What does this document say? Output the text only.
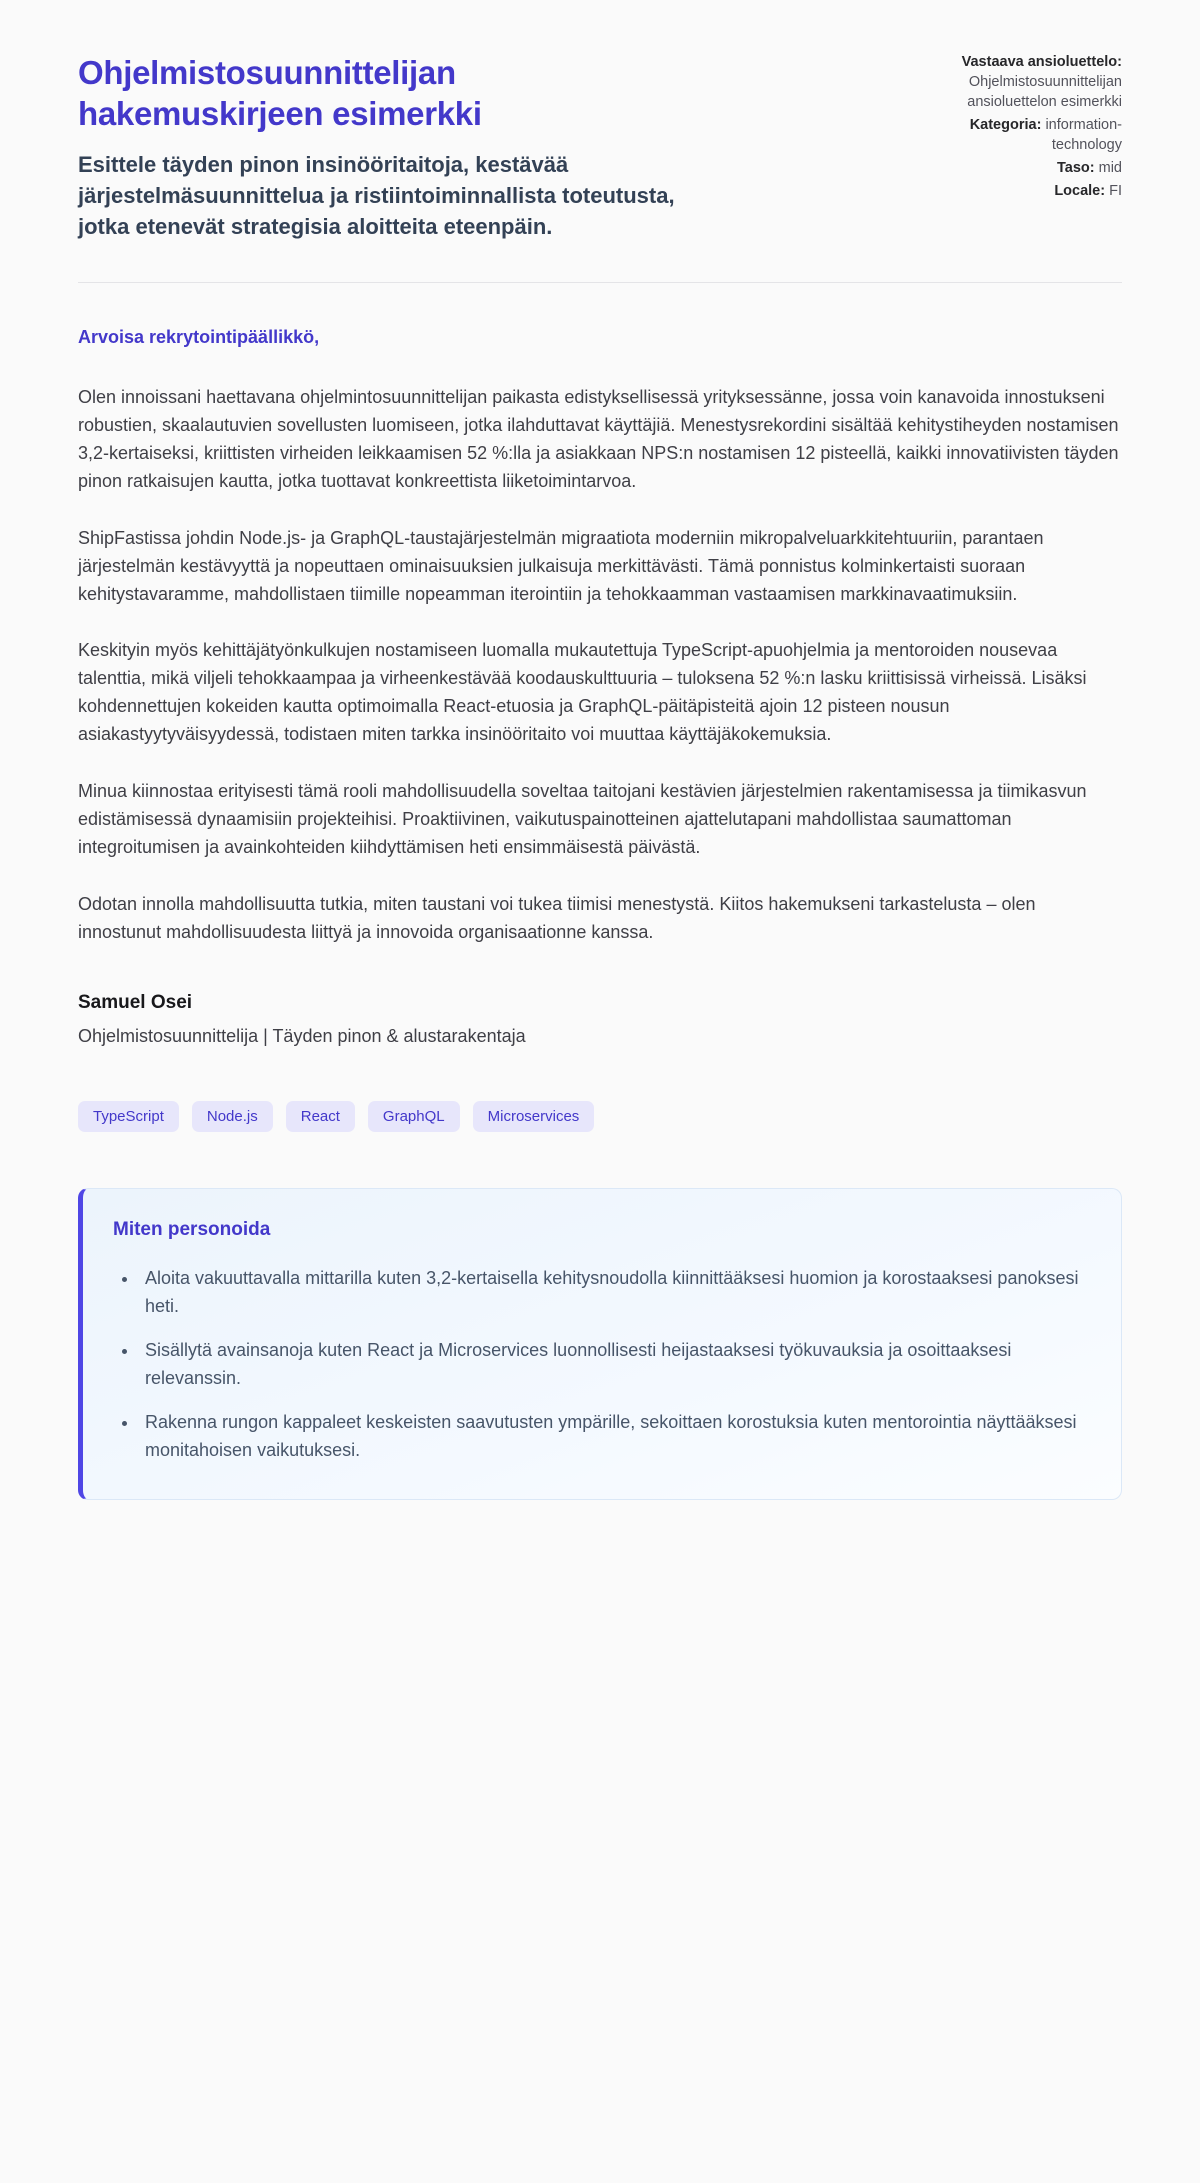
Ohjelmistosuunnittelijan hakemuskirjeen esimerkki

Esittele täyden pinon insinööritaitoja, kestävää järjestelmäsuunnittelua ja ristiintoiminnallista toteutusta, jotka etenevät strategisia aloitteita eteenpäin.

Vastaava ansioluettelo: Ohjelmistosuunnittelijan ansioluettelon esimerkki
Kategoria: information-technology
Taso: mid
Locale: FI

Arvoisa rekrytointipäällikkö,

Olen innoissani haettavana ohjelmintosuunnittelijan paikasta edistyksellisessä yrityksessänne, jossa voin kanavoida innostukseni robustien, skaalautuvien sovellusten luomiseen, jotka ilahduttavat käyttäjiä. Menestysrekordini sisältää kehitystiheyden nostamisen 3,2-kertaiseksi, kriittisten virheiden leikkaamisen 52 %:lla ja asiakkaan NPS:n nostamisen 12 pisteellä, kaikki innovatiivisten täyden pinon ratkaisujen kautta, jotka tuottavat konkreettista liiketoimintarvoa.

ShipFastissa johdin Node.js- ja GraphQL-taustajärjestelmän migraatiota moderniin mikropalveluarkkitehtuuriin, parantaen järjestelmän kestävyyttä ja nopeuttaen ominaisuuksien julkaisuja merkittävästi. Tämä ponnistus kolminkertaisti suoraan kehitystavaramme, mahdollistaen tiimille nopeamman iterointiin ja tehokkaamman vastaamisen markkinavaatimuksiin.

Keskityin myös kehittäjätyönkulkujen nostamiseen luomalla mukautettuja TypeScript-apuohjelmia ja mentoroiden nousevaa talenttia, mikä viljeli tehokkaampaa ja virheenkestävää koodauskulttuuria – tuloksena 52 %:n lasku kriittisissä virheissä. Lisäksi kohdennettujen kokeiden kautta optimoimalla React-etuosia ja GraphQL-päitäpisteitä ajoin 12 pisteen nousun asiakastyytyväisyydessä, todistaen miten tarkka insinööritaito voi muuttaa käyttäjäkokemuksia.

Minua kiinnostaa erityisesti tämä rooli mahdollisuudella soveltaa taitojani kestävien järjestelmien rakentamisessa ja tiimikasvun edistämisessä dynaamisiin projekteihisi. Proaktiivinen, vaikutuspainotteinen ajattelutapani mahdollistaa saumattoman integroitumisen ja avainkohteiden kiihdyttämisen heti ensimmäisestä päivästä.

Odotan innolla mahdollisuutta tutkia, miten taustani voi tukea tiimisi menestystä. Kiitos hakemukseni tarkastelusta – olen innostunut mahdollisuudesta liittyä ja innovoida organisaationne kanssa.

Samuel Osei

Ohjelmistosuunnittelija | Täyden pinon & alustarakentaja

TypeScript	Node.js	React	GraphQL	Microservices
Miten personoida
• Aloita vakuuttavalla mittarilla kuten 3,2-kertaisella kehitysnoudolla kiinnittääksesi huomion ja korostaaksesi panoksesi heti.
• Sisällytä avainsanoja kuten React ja Microservices luonnollisesti heijastaaksesi työkuvauksia ja osoittaaksesi relevanssin.
• Rakenna rungon kappaleet keskeisten saavutusten ympärille, sekoittaen korostuksia kuten mentorointia näyttääksesi monitahoisen vaikutuksesi.
